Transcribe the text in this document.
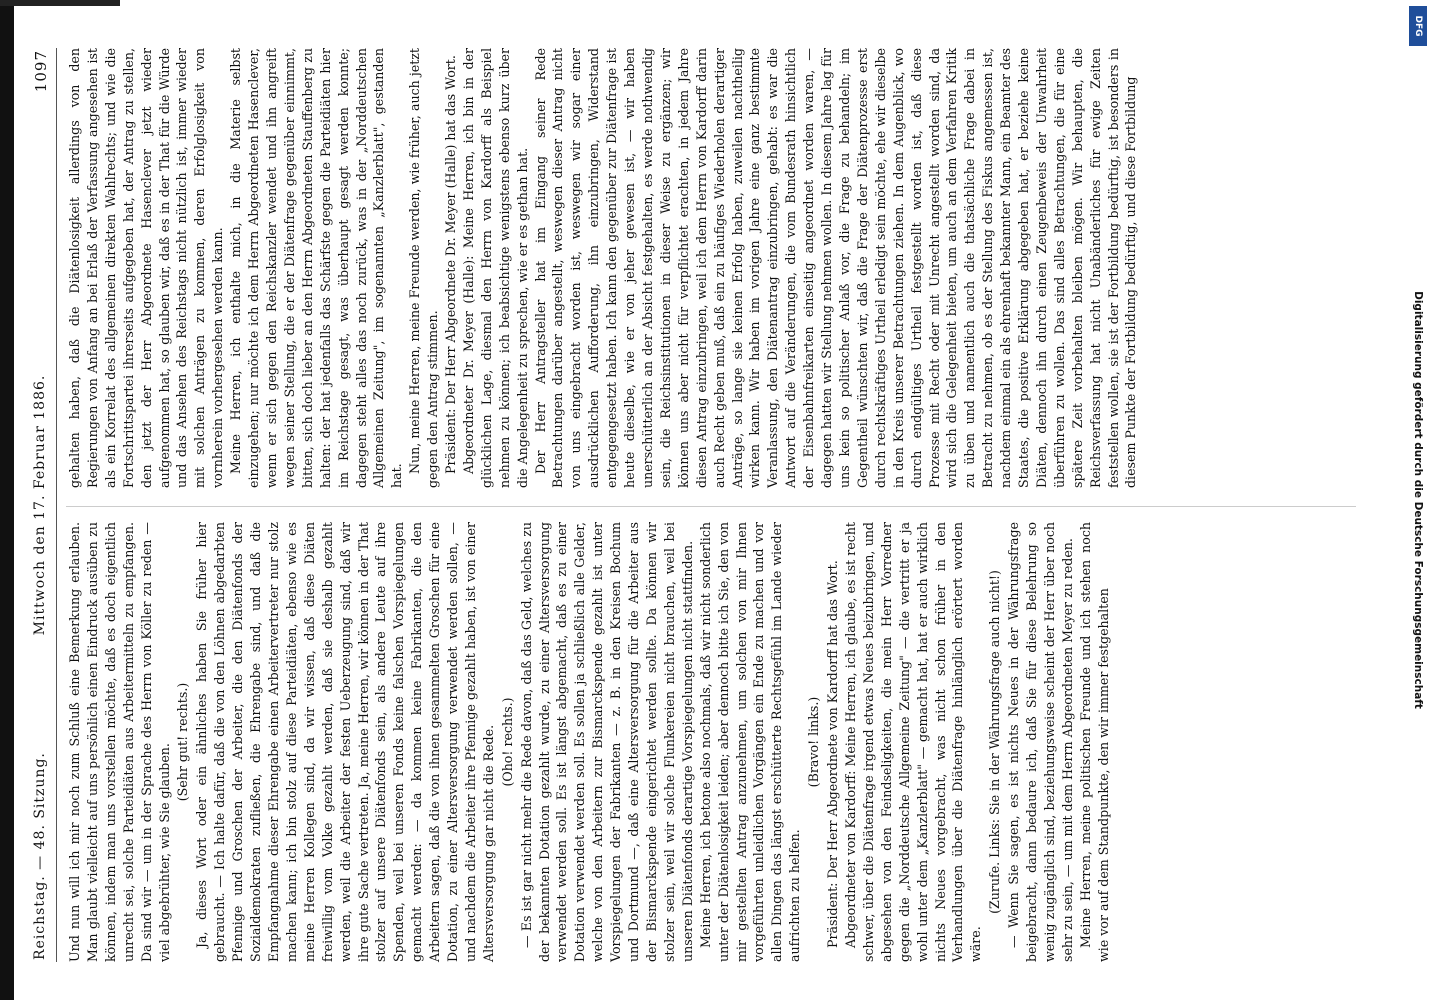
Reichstag. — 48. Sitzung.
Mittwoch den 17. Februar 1886.
1097

Und nun will ich mir noch zum Schluß eine Bemerkung erlauben. Man glaubt vielleicht auf uns persönlich einen Eindruck ausüben zu können, indem man uns vorstellen möchte, daß es doch eigentlich unrecht sei, solche Parteidiäten aus Arbeitermitteln zu empfangen. Da sind wir — um in der Sprache des Herrn von Köller zu reden — viel abgebrühter, wie Sie glauben.

(Sehr gut! rechts.) Ja, dieses Wort oder ein ähnliches haben Sie früher hier gebraucht. — Ich halte dafür, daß die von den Löhnen abgedarbten Pfennige und Groschen der Arbeiter, die den Diätenfonds der Sozialdemokraten zufließen, die Ehrengabe sind, und daß die Empfangnahme dieser Ehrengabe einen Arbeitervertreter nur stolz machen kann; ich bin stolz auf diese Parteidiäten, ebenso wie es meine Herren Kollegen sind, da wir wissen, daß diese Diäten freiwillig vom Volke gezahlt werden, daß sie deshalb gezahlt werden, weil die Arbeiter der festen Ueberzeugung sind, daß wir ihre gute Sache vertreten. Ja, meine Herren, wir können in der That stolzer auf unsere Diätenfonds sein, als andere Leute auf ihre Spenden, weil bei unseren Fonds keine falschen Vorspiegelungen gemacht werden: — da kommen keine Fabrikanten, die den Arbeitern sagen, daß die von ihnen gesammelten Groschen für eine Dotation, zu einer Altersversorgung verwendet werden sollen, — und nachdem die Arbeiter ihre Pfennige gezahlt haben, ist von einer Altersversorgung gar nicht die Rede. (Oho! rechts.) — Es ist gar nicht mehr die Rede davon, daß das Geld, welches zu der bekannten Dotation gezahlt wurde, zu einer Altersversorgung verwendet werden soll. Es ist längst abgemacht, daß es zu einer Dotation verwendet werden soll. Es sollen ja schließlich alle Gelder, welche von den Arbeitern zur Bismarckspende gezahlt ist unter Vorspiegelungen der Fabrikanten — z. B. in den Kreisen Bochum und Dortmund —, daß eine Altersversorgung für die Arbeiter aus der Bismarckspende eingerichtet werden sollte. Da können wir stolzer sein, weil wir solche Flunkereien nicht brauchen, weil bei unseren Diätenfonds derartige Vorspiegelungen nicht stattfinden. Meine Herren, ich betone also nochmals, daß wir nicht sonderlich unter der Diätenlosigkeit leiden; aber dennoch bitte ich Sie, den von mir gestellten Antrag anzunehmen, um solchen von mir Ihnen vorgeführten unleidlichen Vorgängen ein Ende zu machen und vor allen Dingen das längst erschütterte Rechtsgefühl im Lande wieder aufrichten zu helfen.

(Bravo! links.) Präsident: Der Herr Abgeordnete von Kardorff hat das Wort. Abgeordneter von Kardorff: Meine Herren, ich glaube, es ist recht schwer, über die Diätenfrage irgend etwas Neues beizubringen, und abgesehen von den Feindseligkeiten, die mein Herr Vorredner gegen die „Norddeutsche Allgemeine Zeitung" — die vertritt er ja wohl unter dem „Kanzlerblatt" — gemacht hat, hat er auch wirklich nichts Neues vorgebracht, was nicht schon früher in den Verhandlungen über die Diätenfrage hinlänglich erörtert worden wäre.

(Zurufe. Links: Sie in der Währungsfrage auch nicht!) — Wenn Sie sagen, es ist nichts Neues in der Währungsfrage beigebracht, dann bedaure ich, daß Sie für diese Belehrung so wenig zugänglich sind, beziehungsweise scheint der Herr über noch sehr zu sein, — um mit dem Herrn Abgeordneten Meyer zu reden. Meine Herren, meine politischen Freunde und ich stehen noch wie vor auf dem Standpunkte, den wir immer festgehalten

gehalten haben, daß die Diätenlosigkeit allerdings von den Regierungen von Anfang an bei Erlaß der Verfassung angesehen ist als ein Korrelat des allgemeinen direkten Wahlrechts; und wie die Fortschrittspartei ihrerseits aufgegeben hat, der Antrag zu stellen, den jetzt der Herr Abgeordnete Hasenclever jetzt wieder aufgenommen hat, so glauben wir, daß es in der That für die Würde und das Ansehen des Reichstags nicht nützlich ist, immer wieder mit solchen Anträgen zu kommen, deren Erfolglosigkeit von vornherein vorhergesehen werden kann. Meine Herren, ich enthalte mich, in die Materie selbst einzugehen; nur möchte ich dem Herrn Abgeordneten Hasenclever, wenn er sich gegen den Reichskanzler wendet und ihn angreift wegen seiner Stellung, die er der Diätenfrage gegenüber einnimmt, bitten, sich doch lieber an den Herrn Abgeordneten Stauffenberg zu halten: der hat jedenfalls das Schärfste gegen die Parteidiäten hier im Reichstage gesagt, was überhaupt gesagt werden konnte; dagegen steht alles das noch zurück, was in der „Norddeutschen Allgemeinen Zeitung", im sogenannten „Kanzlerblatt", gestanden hat.

Nun, meine Herren, meine Freunde werden, wie früher, auch jetzt gegen den Antrag stimmen. Präsident: Der Herr Abgeordnete Dr. Meyer (Halle) hat das Wort. Abgeordneter Dr. Meyer (Halle): Meine Herren, ich bin in der glücklichen Lage, diesmal den Herrn von Kardorff als Beispiel nehmen zu können; ich beabsichtige wenigstens ebenso kurz über die Angelegenheit zu sprechen, wie er es gethan hat. Der Herr Antragsteller hat im Eingang seiner Rede Betrachtungen darüber angestellt, weswegen dieser Antrag nicht von uns eingebracht worden ist, weswegen wir sogar einer ausdrücklichen Aufforderung, ihn einzubringen, Widerstand entgegengesetzt haben. Ich kann den gegenüber zur Diätenfrage ist heute dieselbe, wie er von jeher gewesen ist, — wir haben unerschütterlich an der Absicht festgehalten, es werde nothwendig sein, die Reichsinstitutionen in dieser Weise zu ergänzen; wir können uns aber nicht für verpflichtet erachten, in jedem Jahre diesen Antrag einzubringen, weil ich dem Herrn von Kardorff darin auch Recht geben muß, daß ein zu häufiges Wiederholen derartiger Anträge, so lange sie keinen Erfolg haben, zuweilen nachtheilig wirken kann. Wir haben im vorigen Jahre eine ganz bestimmte Veranlassung, den Diätenantrag einzubringen, gehabt: es war die Antwort auf die Veränderungen, die vom Bundesrath hinsichtlich der Eisenbahnfreikarten einseitig angeordnet worden waren, — dagegen hatten wir Stellung nehmen wollen. In diesem Jahre lag für uns kein so politischer Anlaß vor, die Frage zu behandeln; im Gegentheil wünschten wir, daß die Frage der Diätenprozesse erst durch rechtskräftiges Urtheil erledigt sein möchte, ehe wir dieselbe in den Kreis unserer Betrachtungen ziehen. In dem Augenblick, wo durch endgültiges Urtheil festgestellt worden ist, daß diese Prozesse mit Recht oder mit Unrecht angestellt worden sind, da wird sich die Gelegenheit bieten, um auch an dem Verfahren Kritik zu üben und namentlich auch die thatsächliche Frage dabei in Betracht zu nehmen, ob es der Stellung des Fiskus angemessen ist, nachdem einmal ein als ehrenhaft bekannter Mann, ein Beamter des Staates, die positive Erklärung abgegeben hat, er beziehe keine Diäten, dennoch ihn durch einen Zeugenbeweis der Unwahrheit überführen zu wollen. Das sind alles Betrachtungen, die für eine spätere Zeit vorbehalten bleiben mögen. Wir behaupten, die Reichsverfassung hat nicht Unabänderliches für ewige Zeiten feststellen wollen, sie ist der Fortbildung bedürftig, ist besonders in diesem Punkte der Fortbildung bedürftig, und diese Fortbildung

DFG
Digitalisierung gefördert durch die Deutsche Forschungsgemeinschaft
